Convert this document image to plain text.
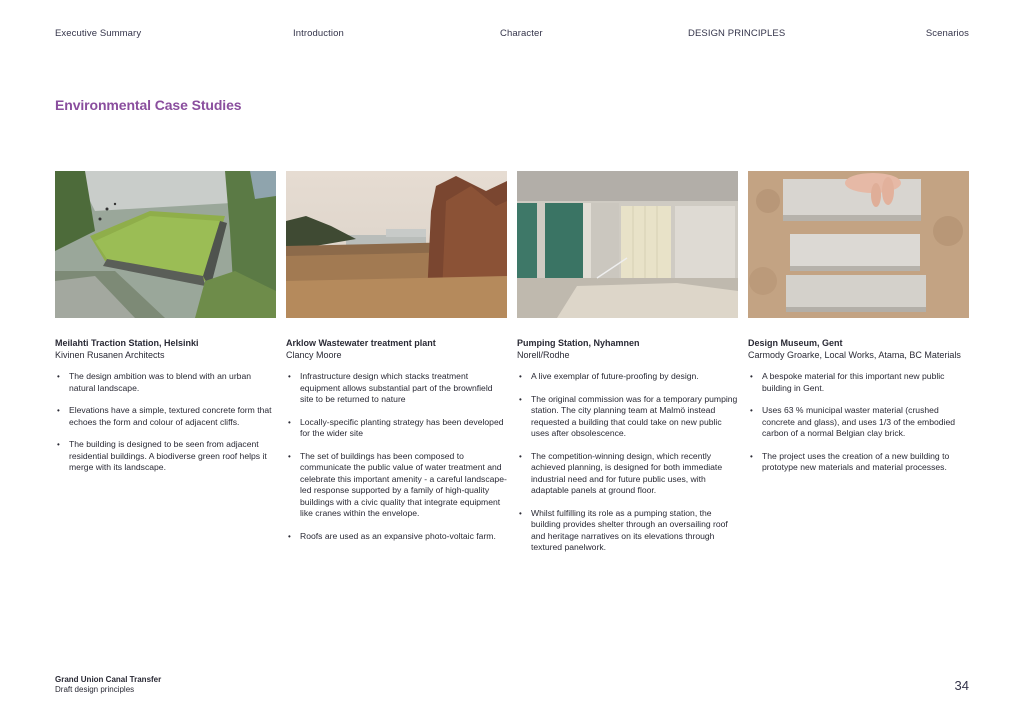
Executive Summary	Introduction	Character	DESIGN PRINCIPLES	Scenarios
Environmental Case Studies
Meilahti Traction Station, Helsinki
Kivinen Rusanen Architects
• The design ambition was to blend with an urban natural landscape.
• Elevations have a simple, textured concrete form that echoes the form and colour of adjacent cliffs.
• The building is designed to be seen from adjacent residential buildings. A biodiverse green roof helps it merge with its landscape.
Arklow Wastewater treatment plant
Clancy Moore
• Infrastructure design which stacks treatment equipment allows substantial part of the brownfield site to be returned to nature
• Locally-specific planting strategy has been developed for the wider site
• The set of buildings has been composed to communicate the public value of water treatment and celebrate this important amenity - a careful landscape-led response supported by a family of high-quality buildings with a civic quality that integrate equipment like cranes within the envelope.
• Roofs are used as an expansive photo-voltaic farm.
Pumping Station, Nyhamnen
Norell/Rodhe
• A live exemplar of future-proofing by design.
• The original commission was for a temporary pumping station. The city planning team at Malmö instead requested a building that could take on new public uses after obsolescence.
• The competition-winning design, which recently achieved planning, is designed for both immediate industrial need and for future public uses, with adaptable panels at ground floor.
• Whilst fulfilling its role as a pumping station, the building provides shelter through an oversailing roof and heritage narratives on its elevations through textured panelwork.
Design Museum, Gent
Carmody Groarke, Local Works, Atama, BC Materials
• A bespoke material for this important new public building in Gent.
• Uses 63 % municipal waster material (crushed concrete and glass), and uses 1/3 of the embodied carbon of a normal Belgian clay brick.
• The project uses the creation of a new building to prototype new materials and material processes.
Grand Union Canal Transfer
Draft design principles	34
